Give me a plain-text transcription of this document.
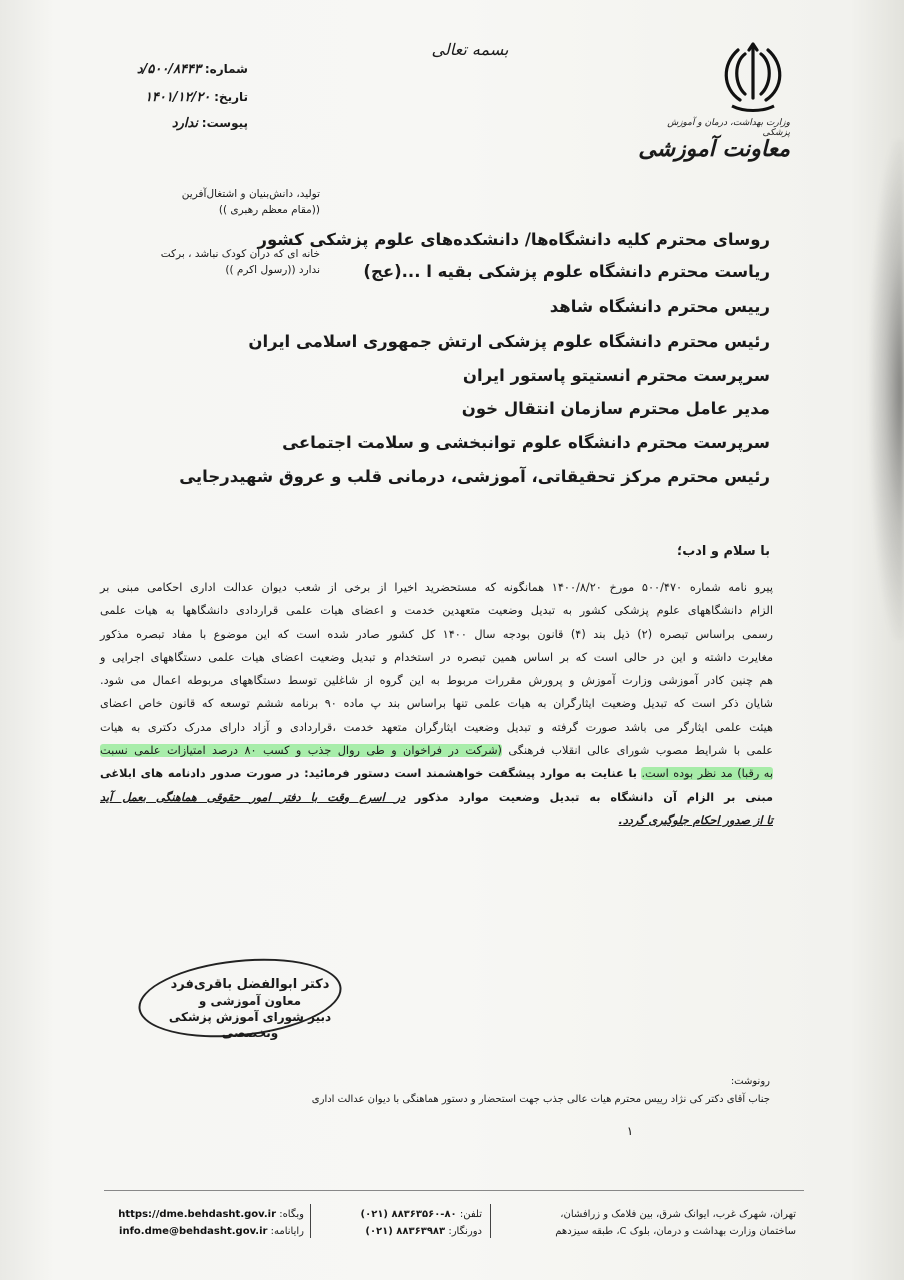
بسمه تعالی
وزارت بهداشت، درمان و آموزش پزشکی
معاونت آموزشی
شماره: ۵۰۰/۸۴۴۳/د
تاریخ: ۱۴۰۱/۱۲/۲۰
پیوست: ندارد
تولید، دانش‌بنیان و اشتغال‌آفرین
((مقام معظم رهبری ))
خانه ای که دران کودک نباشد ، برکت
ندارد ((رسول اکرم ))
روسای محترم کلیه دانشگاه‌ها/ دانشکده‌های علوم پزشکی کشور
ریاست محترم دانشگاه علوم پزشکی بقیه ا ...(عج)
رییس محترم دانشگاه شاهد
رئیس محترم دانشگاه علوم پزشکی ارتش جمهوری اسلامی ایران
سرپرست محترم انستیتو پاستور ایران
مدیر عامل محترم سازمان انتقال خون
سرپرست محترم دانشگاه علوم توانبخشی و سلامت اجتماعی
رئیس محترم مرکز تحقیقاتی، آموزشی، درمانی قلب و عروق شهیدرجایی
با سلام و ادب؛
پیرو نامه شماره ۵۰۰/۴۷۰ مورخ ۱۴۰۰/۸/۲۰ همانگونه که مستحضرید اخیرا از برخی از شعب دیوان عدالت اداری احکامی مبنی بر
الزام دانشگاههای علوم پزشکی کشور به تبدیل وضعیت متعهدین خدمت و اعضای هیات علمی قراردادی دانشگاهها به هیات علمی
رسمی براساس تبصره (۲) ذیل بند (۴) قانون بودجه سال ۱۴۰۰ کل کشور صادر شده است که این موضوع با مفاد تبصره مذکور
مغایرت داشته و این در حالی است که بر اساس همین تبصره در استخدام و تبدیل وضعیت اعضای هیات علمی دستگاههای اجرایی و
هم چنین کادر آموزشی وزارت آموزش و پرورش مقررات مربوط به این گروه از شاغلین توسط دستگاههای مربوطه اعمال می شود.
شایان ذکر است که تبدیل وضعیت ایثارگران به هیات علمی تنها براساس بند پ ماده ۹۰ برنامه ششم توسعه که قانون خاص اعضای
هیئت علمی ایثارگر می باشد صورت گرفته و تبدیل وضعیت ایثارگران متعهد خدمت ،قراردادی و آزاد دارای مدرک دکتری به هیات
علمی با شرایط مصوب شورای عالی انقلاب فرهنگی (شرکت در فراخوان و طی روال جذب و کسب ۸۰ درصد امتیازات علمی نسبت
به رقبا) مد نظر بوده است. با عنایت به موارد پیشگفت خواهشمند است دستور فرمائید: در صورت صدور دادنامه های ابلاغی
مبنی بر الزام آن دانشگاه به تبدیل وضعیت موارد مذکور در اسرع وقت با دفتر امور حقوقی هماهنگی بعمل آید
تا از صدور احکام جلوگیری گردد.
دکتر ابوالفضل باقری‌فرد
معاون آموزشی و
دبیر شورای آموزش پزشکی وتخصصی
رونوشت:
جناب آقای دکتر کی نژاد رییس محترم هیات عالی جذب جهت استحضار و دستور هماهنگی با دیوان عدالت اداری
۱
تهران، شهرک غرب، ایوانک شرق، بین فلامک و زرافشان،
ساختمان وزارت بهداشت و درمان، بلوک C، طبقه سیزدهم
تلفن: (۰۲۱) ۸۸۳۶۳۵۶۰-۸۰
دورنگار: (۰۲۱) ۸۸۳۶۳۹۸۳
وبگاه: https://dme.behdasht.gov.ir
رایانامه: info.dme@behdasht.gov.ir
